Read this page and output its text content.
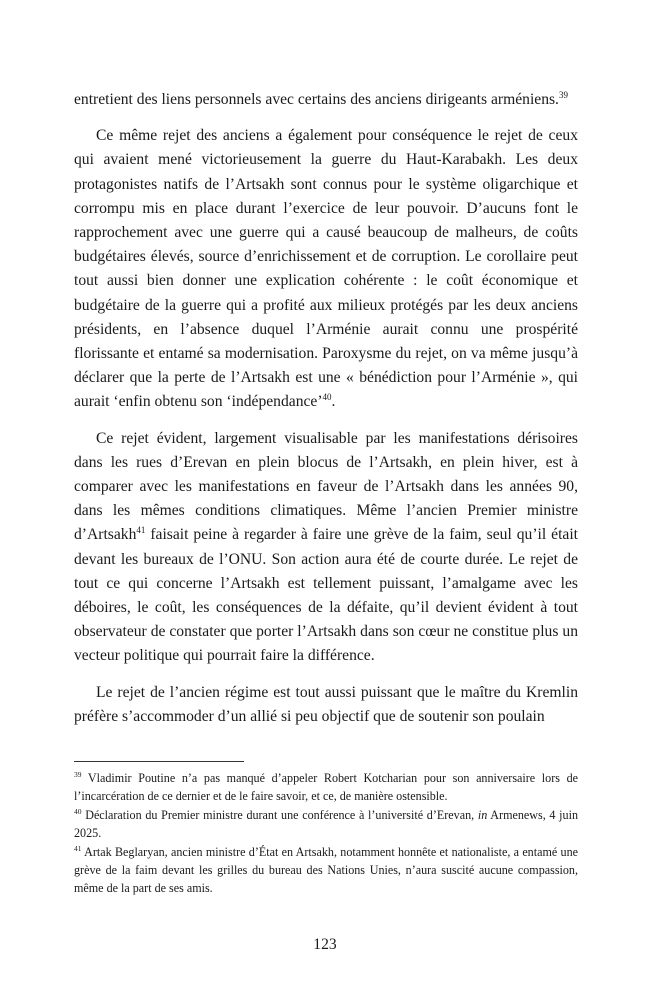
entretient des liens personnels avec certains des anciens dirigeants arméniens.$^{39}$

Ce même rejet des anciens a également pour conséquence le rejet de ceux qui avaient mené victorieusement la guerre du Haut-Karabakh. Les deux protagonistes natifs de l’Artsakh sont connus pour le système oligarchique et corrompu mis en place durant l’exercice de leur pouvoir. D’aucuns font le rapprochement avec une guerre qui a causé beaucoup de malheurs, de coûts budgétaires élevés, source d’enrichissement et de corruption. Le corollaire peut tout aussi bien donner une explication cohérente : le coût économique et budgétaire de la guerre qui a profité aux milieux protégés par les deux anciens présidents, en l’absence duquel l’Arménie aurait connu une prospérité florissante et entamé sa modernisation. Paroxysme du rejet, on va même jusqu’à déclarer que la perte de l’Artsakh est une « bénédiction pour l’Arménie », qui aurait ‘enfin obtenu son ‘indépendance’$^{40}$.

Ce rejet évident, largement visualisable par les manifestations dérisoires dans les rues d’Erevan en plein blocus de l’Artsakh, en plein hiver, est à comparer avec les manifestations en faveur de l’Artsakh dans les années 90, dans les mêmes conditions climatiques. Même l’ancien Premier ministre d’Artsakh$^{41}$ faisait peine à regarder à faire une grève de la faim, seul qu’il était devant les bureaux de l’ONU. Son action aura été de courte durée. Le rejet de tout ce qui concerne l’Artsakh est tellement puissant, l’amalgame avec les déboires, le coût, les conséquences de la défaite, qu’il devient évident à tout observateur de constater que porter l’Artsakh dans son cœur ne constitue plus un vecteur politique qui pourrait faire la différence.

Le rejet de l’ancien régime est tout aussi puissant que le maître du Kremlin préfère s’accommoder d’un allié si peu objectif que de soutenir son poulain

$^{39}$ Vladimir Poutine n’a pas manqué d’appeler Robert Kotcharian pour son anniversaire lors de l’incarcération de ce dernier et de le faire savoir, et ce, de manière ostensible.

$^{40}$ Déclaration du Premier ministre durant une conférence à l’université d’Erevan, in Armenews, 4 juin 2025.

$^{41}$ Artak Beglaryan, ancien ministre d’État en Artsakh, notamment honnête et nationaliste, a entamé une grève de la faim devant les grilles du bureau des Nations Unies, n’aura suscité aucune compassion, même de la part de ses amis.

123
